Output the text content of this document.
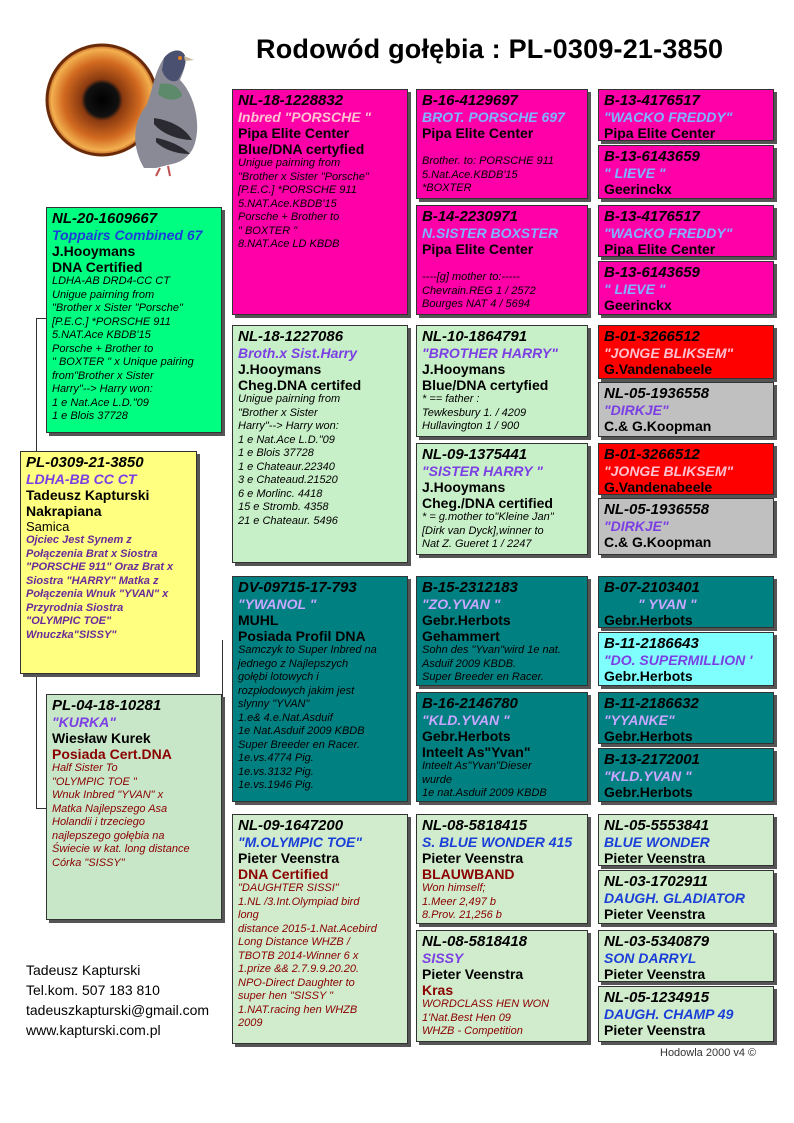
Rodowód gołębia : PL-0309-21-3850
PL-0309-21-3850
LDHA-BB CC CT
Tadeusz Kapturski
Nakrapiana
Samica
Ojciec Jest Synem z
Połączenia Brat x Siostra
"PORSCHE 911" Oraz Brat x
Siostra "HARRY" Matka z
Połączenia Wnuk "YVAN" x
Przyrodnia Siostra
"OLYMPIC TOE"
Wnuczka"SISSY"
NL-20-1609667
Toppairs Combined 67
J.Hooymans
DNA Certified
LDHA-AB DRD4-CC CT
Unigue pairning from
"Brother x Sister "Porsche"
[P.E.C.] *PORSCHE 911
5.NAT.Ace KBDB'15
Porsche + Brother to
" BOXTER " x Unique pairing
from"Brother x Sister
Harry"--> Harry won:
1 e Nat.Ace L.D."09
1 e Blois 37728
PL-04-18-10281
"KURKA"
Wiesław Kurek
Posiada Cert.DNA
Half Sister To
"OLYMPIC TOE "
Wnuk Inbred "YVAN" x
Matka Najlepszego Asa
Holandii i trzeciego
najlepszego gołębia na
Świecie w kat. long distance
Córka "SISSY"
NL-18-1228832
Inbred "PORSCHE "
Pipa Elite Center
Blue/DNA certyfied
Unigue pairning from
"Brother x Sister "Porsche"
[P.E.C.] *PORSCHE 911
5.NAT.Ace.KBDB'15
Porsche + Brother to
" BOXTER "
8.NAT.Ace LD KBDB
NL-18-1227086
Broth.x Sist.Harry
J.Hooymans
Cheg.DNA certifed
Unigue pairning from
"Brother x Sister
Harry"--> Harry won:
1 e Nat.Ace L.D."09
1 e Blois 37728
1 e Chateaur.22340
3 e Chateaud.21520
6 e Morlinc. 4418
15 e Stromb. 4358
21 e Chateaur. 5496
DV-09715-17-793
"YWANOL "
MUHL
Posiada Profil DNA
Samczyk to Super Inbred na
jednego z Najlepszych
gołębi lotowych i
rozpłodowych jakim jest
slynny "YVAN"
1.e& 4.e.Nat.Asduif
1e Nat.Asduif 2009 KBDB
Super Breeder en Racer.
1e.vs.4774 Pig.
1e.vs.3132 Pig.
1e.vs.1946 Pig.
NL-09-1647200
"M.OLYMPIC TOE"
Pieter Veenstra
DNA Certified
"DAUGHTER SISSI"
1.NL /3.Int.Olympiad bird
long
distance 2015-1.Nat.Acebird
Long Distance WHZB /
TBOTB 2014-Winner 6 x
1.prize && 2.7.9.9.20.20.
NPO-Direct Daughter to
super hen "SISSY "
1.NAT.racing hen WHZB
2009
B-16-4129697
BROT. PORSCHE 697
Pipa Elite Center
Brother. to: PORSCHE 911
5.Nat.Ace.KBDB'15
*BOXTER
B-14-2230971
N.SISTER BOXSTER
Pipa Elite Center
----[g] mother to:-----
Chevrain.REG 1 / 2572
Bourges NAT 4 / 5694
NL-10-1864791
"BROTHER HARRY"
J.Hooymans
Blue/DNA certyfied
* == father :
Tewkesbury 1. / 4209
Hullavington 1 / 900
NL-09-1375441
"SISTER HARRY "
J.Hooymans
Cheg./DNA certified
* = g.mother to"Kleine Jan"
[Dirk van Dyck],winner to
Nat Z. Gueret 1 / 2247
B-15-2312183
"ZO.YVAN "
Gebr.Herbots
Gehammert
Sohn des "Yvan"wird 1e nat.
Asduif 2009 KBDB.
Super Breeder en Racer.
B-16-2146780
"KLD.YVAN "
Gebr.Herbots
Inteelt As"Yvan"
Inteelt As"Yvan"Dieser
wurde
1e nat.Asduif 2009 KBDB
NL-08-5818415
S. BLUE WONDER 415
Pieter Veenstra
BLAUWBAND
Won himself;
1.Meer 2,497 b
8.Prov. 21,256 b
NL-08-5818418
SISSY
Pieter Veenstra
Kras
WORDCLASS HEN WON
1'Nat.Best Hen 09
WHZB - Competition
B-13-4176517
"WACKO FREDDY"
Pipa Elite Center
B-13-6143659
" LIEVE "
Geerinckx
B-13-4176517
"WACKO FREDDY"
Pipa Elite Center
B-13-6143659
" LIEVE "
Geerinckx
B-01-3266512
"JONGE BLIKSEM"
G.Vandenabeele
NL-05-1936558
"DIRKJE"
C.& G.Koopman
B-01-3266512
"JONGE BLIKSEM"
G.Vandenabeele
NL-05-1936558
"DIRKJE"
C.& G.Koopman
B-07-2103401
" YVAN "
Gebr.Herbots
B-11-2186643
"DO. SUPERMILLION '
Gebr.Herbots
B-11-2186632
"YYANKE"
Gebr.Herbots
B-13-2172001
"KLD.YVAN "
Gebr.Herbots
NL-05-5553841
BLUE WONDER
Pieter Veenstra
NL-03-1702911
DAUGH. GLADIATOR
Pieter Veenstra
NL-03-5340879
SON DARRYL
Pieter Veenstra
NL-05-1234915
DAUGH. CHAMP 49
Pieter Veenstra
Tadeusz Kapturski
Tel.kom. 507 183 810
tadeuszkapturski@gmail.com
www.kapturski.com.pl
Hodowla 2000 v4 ©
